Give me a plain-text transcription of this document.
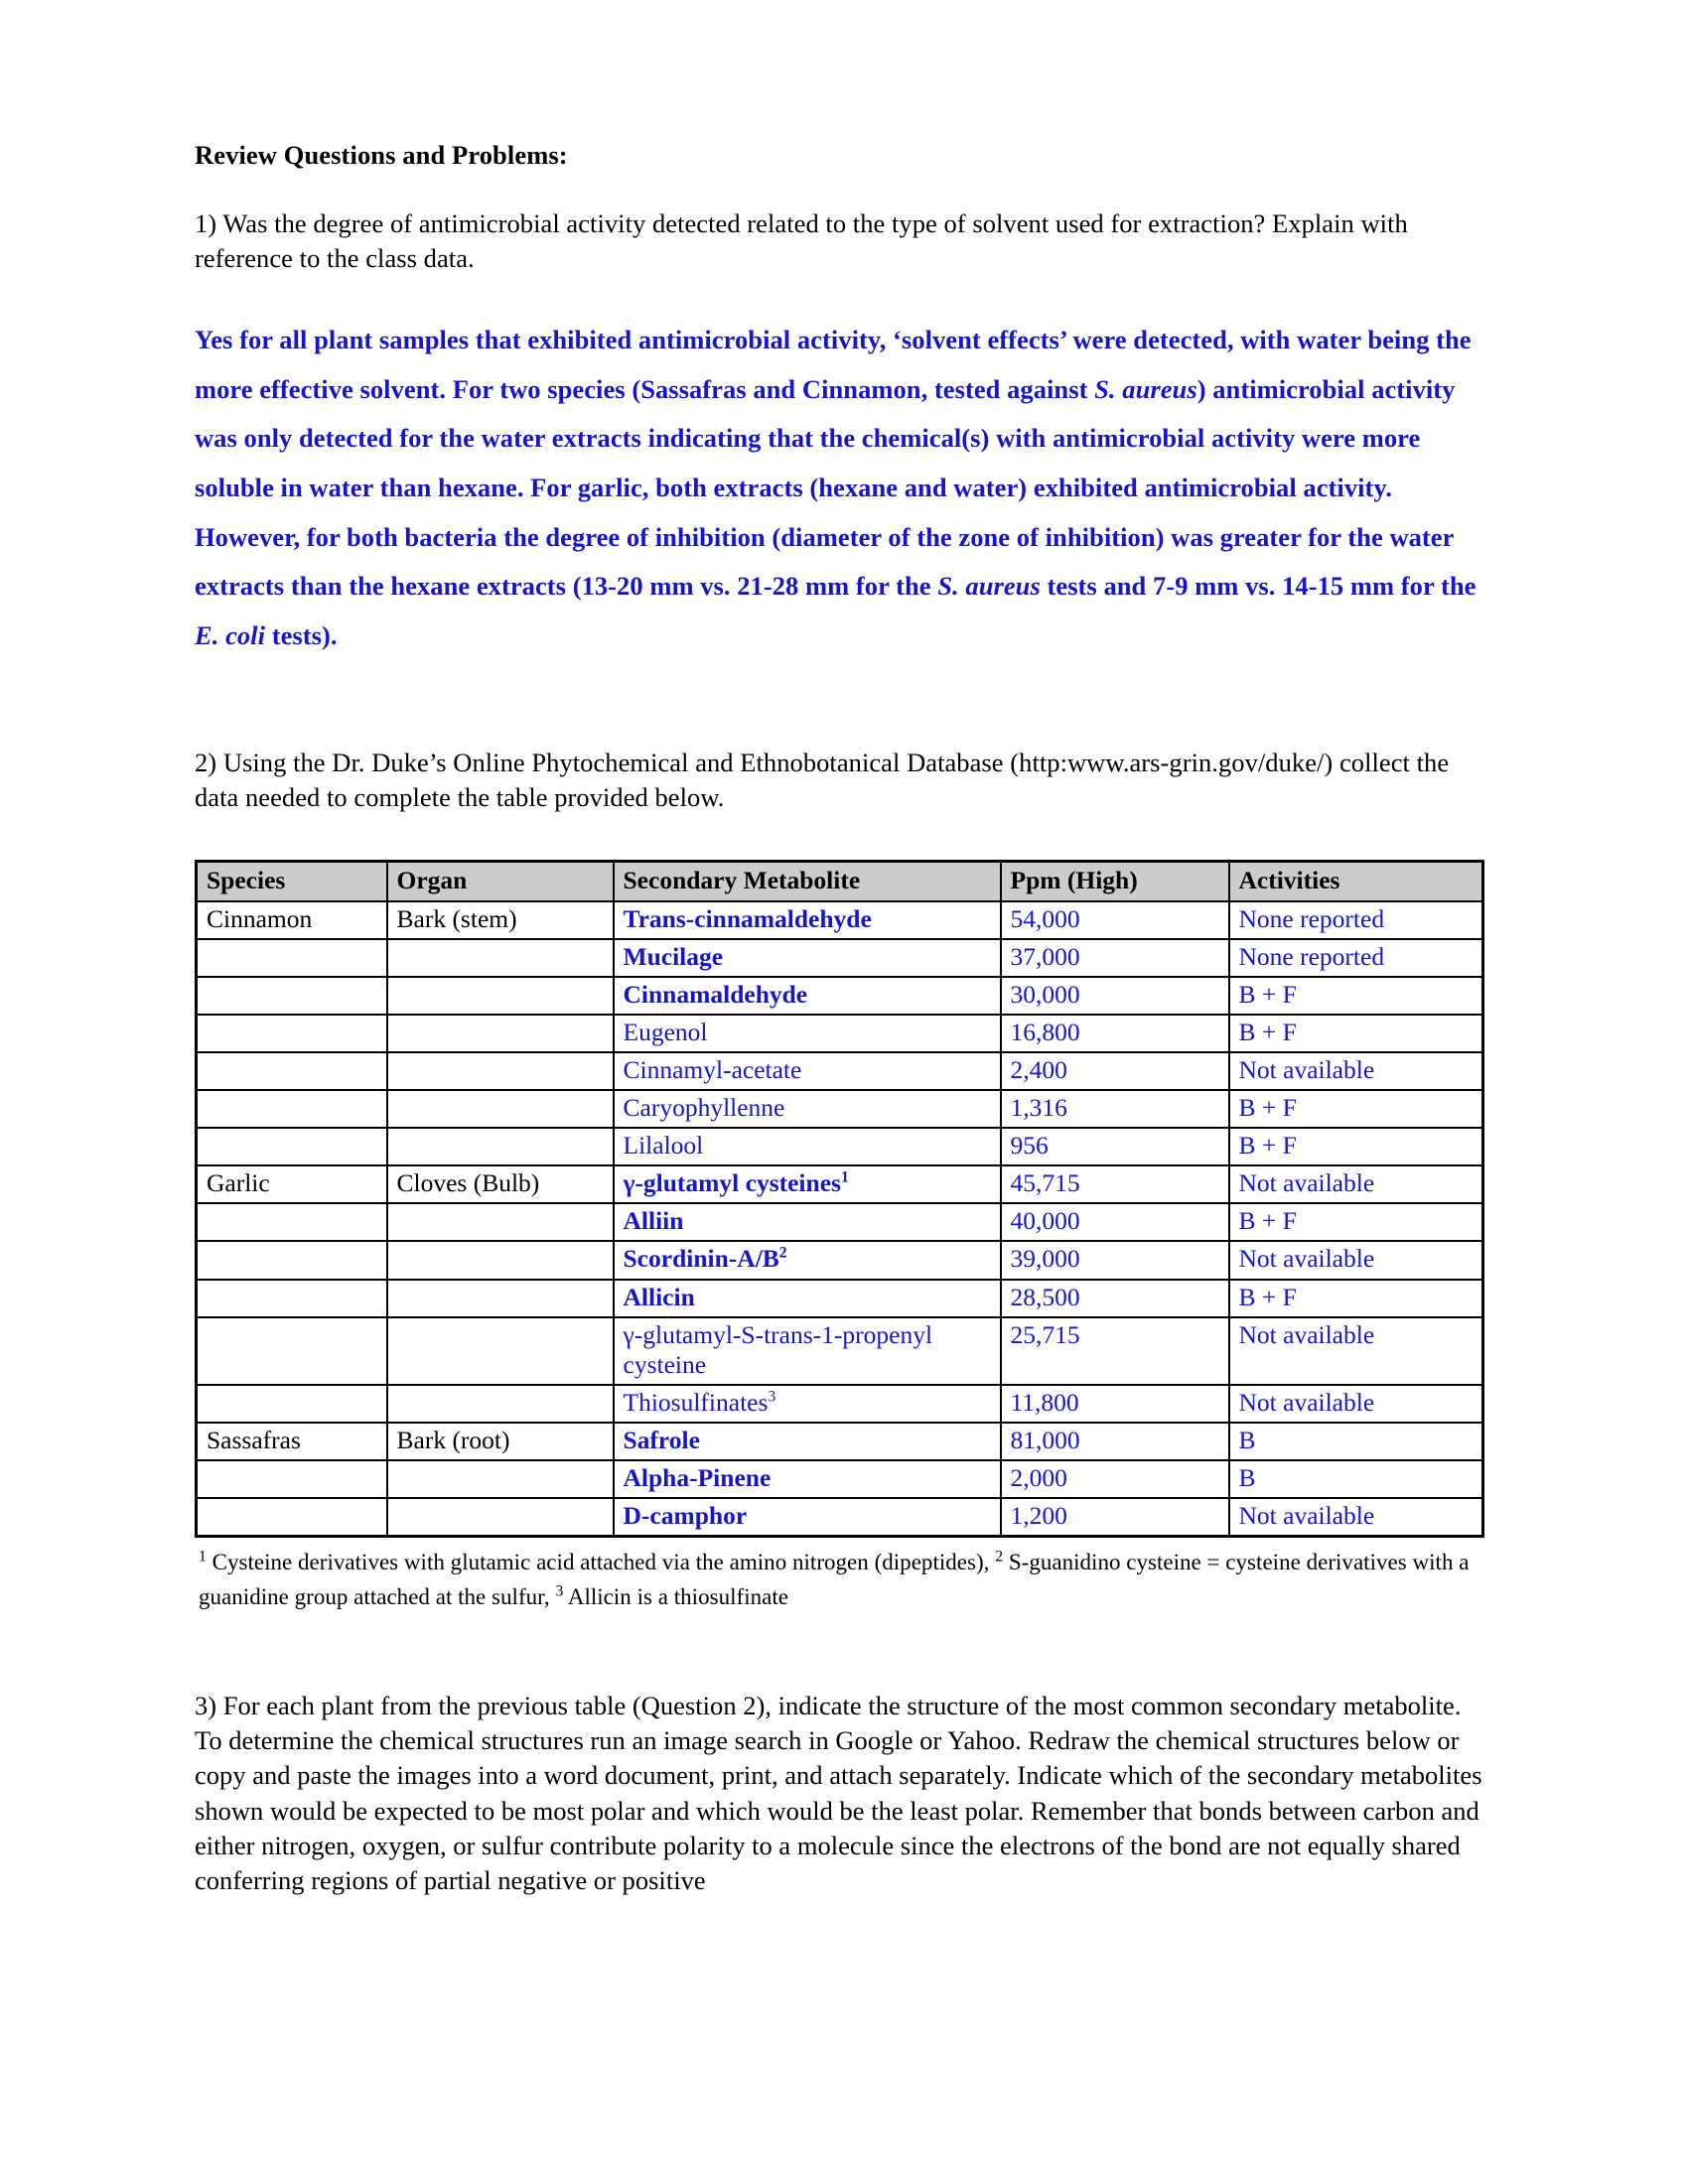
Review Questions and Problems:
1) Was the degree of antimicrobial activity detected related to the type of solvent used for extraction? Explain with reference to the class data.
Yes for all plant samples that exhibited antimicrobial activity, ‘solvent effects’ were detected, with water being the more effective solvent. For two species (Sassafras and Cinnamon, tested against S. aureus) antimicrobial activity was only detected for the water extracts indicating that the chemical(s) with antimicrobial activity were more soluble in water than hexane. For garlic, both extracts (hexane and water) exhibited antimicrobial activity. However, for both bacteria the degree of inhibition (diameter of the zone of inhibition) was greater for the water extracts than the hexane extracts (13-20 mm vs. 21-28 mm for the S. aureus tests and 7-9 mm vs. 14-15 mm for the E. coli tests).
2) Using the Dr. Duke’s Online Phytochemical and Ethnobotanical Database (http:www.ars-grin.gov/duke/) collect the data needed to complete the table provided below.
Species	Organ	Secondary Metabolite	Ppm (High)	Activities
Cinnamon	Bark (stem)	Trans-cinnamaldehyde	54,000	None reported
		Mucilage	37,000	None reported
		Cinnamaldehyde	30,000	B + F
		Eugenol	16,800	B + F
		Cinnamyl-acetate	2,400	Not available
		Caryophyllenne	1,316	B + F
		Lilalool	956	B + F
Garlic	Cloves (Bulb)	γ-glutamyl cysteines$^1$	45,715	Not available
		Alliin	40,000	B + F
		Scordinin-$A/B^2$	39,000	Not available
		Allicin	28,500	B + F
		γ-glutamyl-S-trans-1-propenyl cysteine	25,715	Not available
		Thiosulfinates$^3$	11,800	Not available
Sassafras	Bark (root)	Safrole	81,000	B
		Alpha-Pinene	2,000	B
		D-camphor	1,200	Not available
$^1$ Cysteine derivatives with glutamic acid attached via the amino nitrogen (dipeptides), $^2$ S-guanidino cysteine = cysteine derivatives with a guanidine group attached at the sulfur, $^3$ Allicin is a thiosulfinate
3) For each plant from the previous table (Question 2), indicate the structure of the most common secondary metabolite. To determine the chemical structures run an image search in Google or Yahoo. Redraw the chemical structures below or copy and paste the images into a word document, print, and attach separately. Indicate which of the secondary metabolites shown would be expected to be most polar and which would be the least polar. Remember that bonds between carbon and either nitrogen, oxygen, or sulfur contribute polarity to a molecule since the electrons of the bond are not equally shared conferring regions of partial negative or positive
